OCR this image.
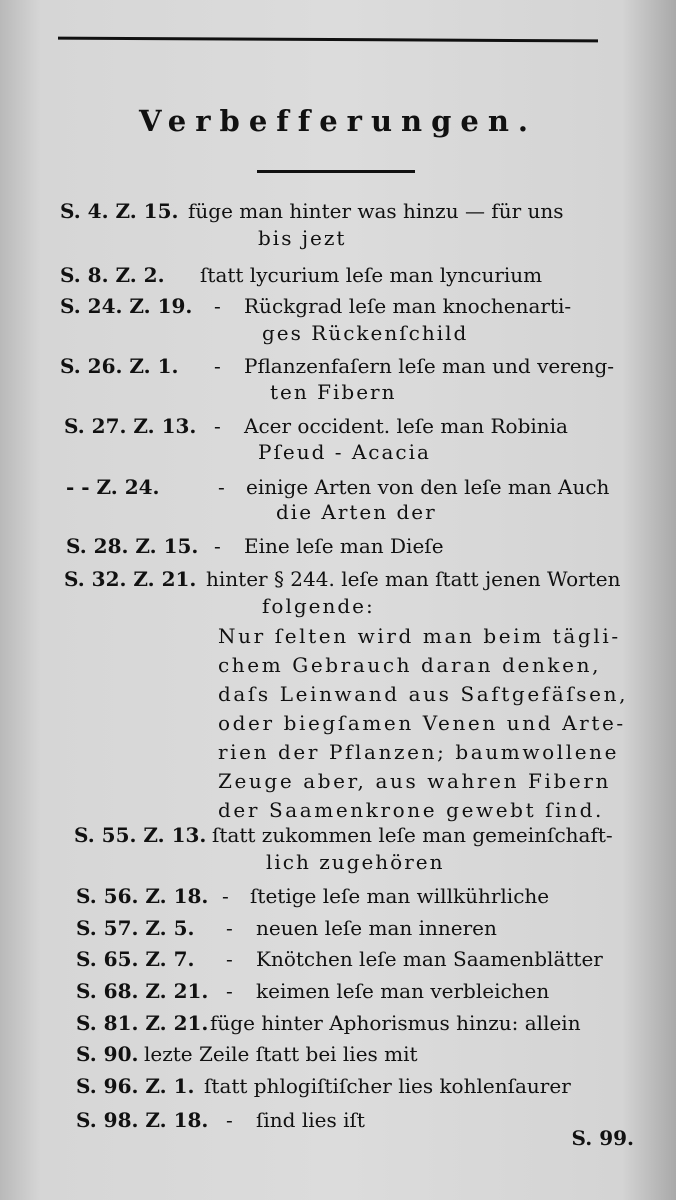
Verbefferungen.
S. 4. Z. 15. füge man hinter was hinzu — für uns
bis jezt
S. 8. Z. 2. ſtatt lycurium leſe man lyncurium
S. 24. Z. 19. - Rückgrad leſe man knochenarti-
ges Rückenſchild
S. 26. Z. 1. - Pflanzenfaſern leſe man und vereng-
ten Fibern
S. 27. Z. 13. - Acer occident. leſe man Robinia
Pſeud - Acacia
- - Z. 24.	- einige Arten von den leſe man Auch
die Arten der
S. 28. Z. 15. - Eine leſe man Dieſe
S. 32. Z. 21. hinter § 244. leſe man ſtatt jenen Worten
folgende:
Nur ſelten wird man beim tägli-
chem Gebrauch daran denken,
daſs Leinwand aus Saftgefäſsen,
oder biegſamen Venen und Arte-
rien der Pflanzen; baumwollene
Zeuge aber, aus wahren Fibern
der Saamenkrone gewebt ſind.
S. 55. Z. 13. ſtatt zukommen leſe man gemeinſchaft-
lich zugehören
S. 56. Z. 18. - ſtetige leſe man willkührliche
S. 57. Z. 5. - neuen leſe man inneren
S. 65. Z. 7. - Knötchen leſe man Saamenblätter
S. 68. Z. 21. - keimen leſe man verbleichen
S. 81. Z. 21. füge hinter Aphorismus hinzu: allein
S. 90. lezte Zeile ſtatt bei lies mit
S. 96. Z. 1. ſtatt phlogiſtiſcher lies kohlenſaurer
S. 98. Z. 18. - ſind lies iſt
S. 99.
